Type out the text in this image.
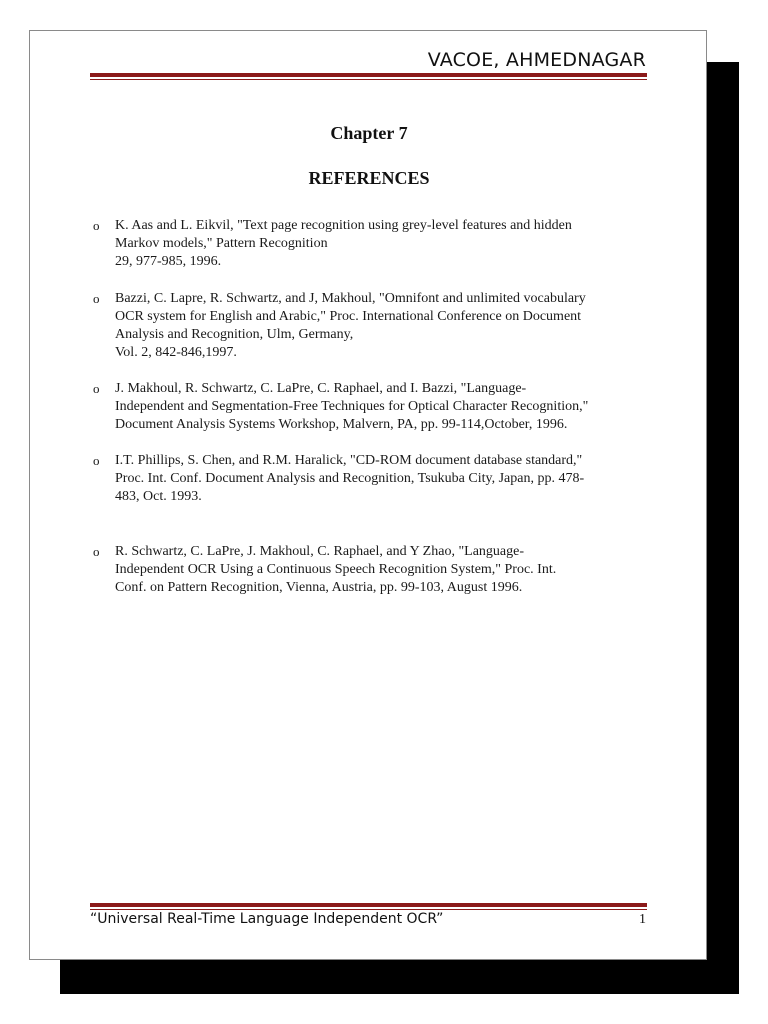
VACOE, AHMEDNAGAR
Chapter 7
REFERENCES
o K. Aas and L. Eikvil, "Text page recognition using grey-level features and hidden
Markov models," Pattern Recognition
29, 977-985, 1996.
o Bazzi, C. Lapre, R. Schwartz, and J, Makhoul, "Omnifont and unlimited vocabulary
OCR system for English and Arabic," Proc. International Conference on Document
Analysis and Recognition, Ulm, Germany,
Vol. 2, 842-846,1997.
o J. Makhoul, R. Schwartz, C. LaPre, C. Raphael, and I. Bazzi, "Language-
Independent and Segmentation-Free Techniques for Optical Character Recognition,"
Document Analysis Systems Workshop, Malvern, PA, pp. 99-114,October, 1996.
o I.T. Phillips, S. Chen, and R.M. Haralick, "CD-ROM document database standard,"
Proc. Int. Conf. Document Analysis and Recognition, Tsukuba City, Japan, pp. 478-
483, Oct. 1993.
o R. Schwartz, C. LaPre, J. Makhoul, C. Raphael, and Y Zhao, "Language-
Independent OCR Using a Continuous Speech Recognition System," Proc. Int.
Conf. on Pattern Recognition, Vienna, Austria, pp. 99-103, August 1996.
“Universal Real-Time Language Independent OCR”	1
